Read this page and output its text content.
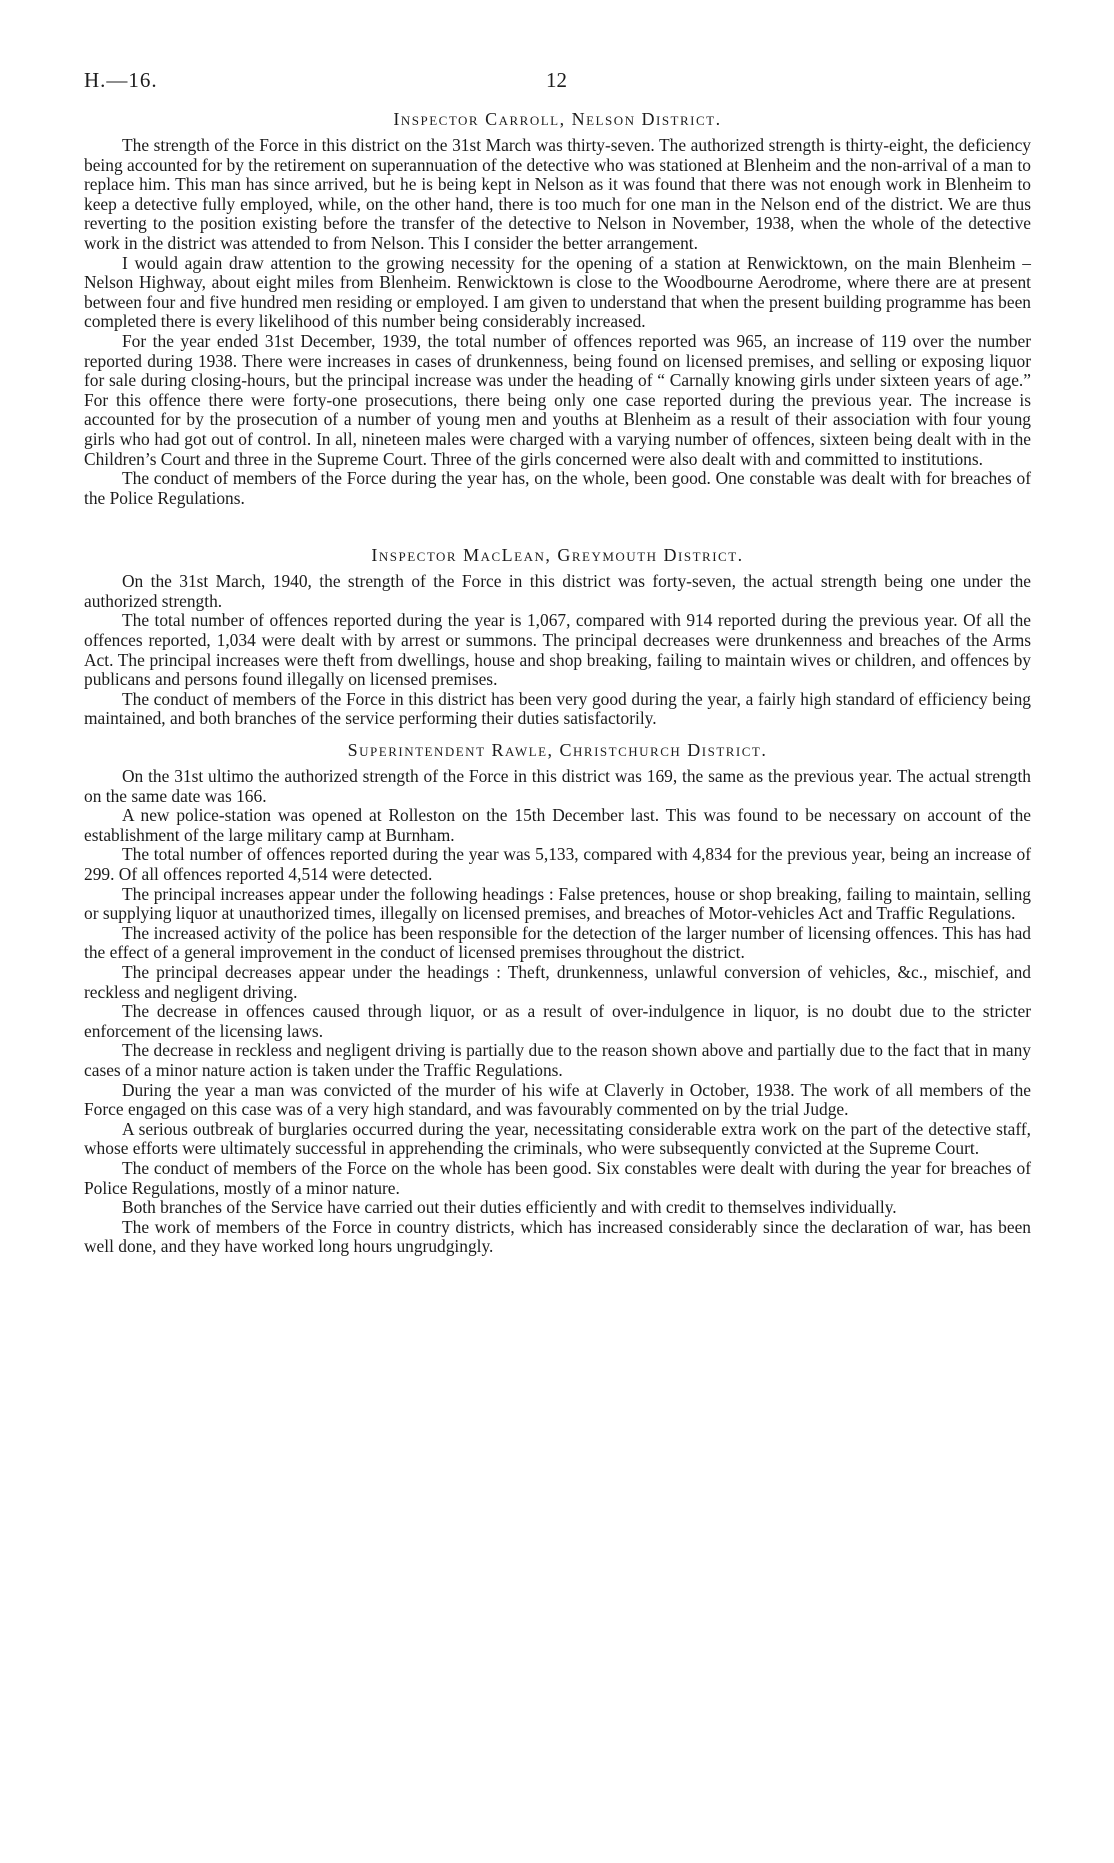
H.—16.	12
Inspector Carroll, Nelson District.

The strength of the Force in this district on the 31st March was thirty-seven. The authorized strength is thirty-eight, the deficiency being accounted for by the retirement on superannuation of the detective who was stationed at Blenheim and the non-arrival of a man to replace him. This man has since arrived, but he is being kept in Nelson as it was found that there was not enough work in Blenheim to keep a detective fully employed, while, on the other hand, there is too much for one man in the Nelson end of the district. We are thus reverting to the position existing before the transfer of the detective to Nelson in November, 1938, when the whole of the detective work in the district was attended to from Nelson. This I consider the better arrangement.

I would again draw attention to the growing necessity for the opening of a station at Renwicktown, on the main Blenheim – Nelson Highway, about eight miles from Blenheim. Renwicktown is close to the Woodbourne Aerodrome, where there are at present between four and five hundred men residing or employed. I am given to understand that when the present building programme has been completed there is every likelihood of this number being considerably increased.

For the year ended 31st December, 1939, the total number of offences reported was 965, an increase of 119 over the number reported during 1938. There were increases in cases of drunkenness, being found on licensed premises, and selling or exposing liquor for sale during closing-hours, but the principal increase was under the heading of “ Carnally knowing girls under sixteen years of age.” For this offence there were forty-one prosecutions, there being only one case reported during the previous year. The increase is accounted for by the prosecution of a number of young men and youths at Blenheim as a result of their association with four young girls who had got out of control. In all, nineteen males were charged with a varying number of offences, sixteen being dealt with in the Children’s Court and three in the Supreme Court. Three of the girls concerned were also dealt with and committed to institutions.

The conduct of members of the Force during the year has, on the whole, been good. One constable was dealt with for breaches of the Police Regulations.

Inspector MacLean, Greymouth District.

On the 31st March, 1940, the strength of the Force in this district was forty-seven, the actual strength being one under the authorized strength.

The total number of offences reported during the year is 1,067, compared with 914 reported during the previous year. Of all the offences reported, 1,034 were dealt with by arrest or summons. The principal decreases were drunkenness and breaches of the Arms Act. The principal increases were theft from dwellings, house and shop breaking, failing to maintain wives or children, and offences by publicans and persons found illegally on licensed premises.

The conduct of members of the Force in this district has been very good during the year, a fairly high standard of efficiency being maintained, and both branches of the service performing their duties satisfactorily.

Superintendent Rawle, Christchurch District.

On the 31st ultimo the authorized strength of the Force in this district was 169, the same as the previous year. The actual strength on the same date was 166.

A new police-station was opened at Rolleston on the 15th December last. This was found to be necessary on account of the establishment of the large military camp at Burnham.

The total number of offences reported during the year was 5,133, compared with 4,834 for the previous year, being an increase of 299. Of all offences reported 4,514 were detected.

The principal increases appear under the following headings : False pretences, house or shop breaking, failing to maintain, selling or supplying liquor at unauthorized times, illegally on licensed premises, and breaches of Motor-vehicles Act and Traffic Regulations.

The increased activity of the police has been responsible for the detection of the larger number of licensing offences. This has had the effect of a general improvement in the conduct of licensed premises throughout the district.

The principal decreases appear under the headings : Theft, drunkenness, unlawful conversion of vehicles, &c., mischief, and reckless and negligent driving.

The decrease in offences caused through liquor, or as a result of over-indulgence in liquor, is no doubt due to the stricter enforcement of the licensing laws.

The decrease in reckless and negligent driving is partially due to the reason shown above and partially due to the fact that in many cases of a minor nature action is taken under the Traffic Regulations.

During the year a man was convicted of the murder of his wife at Claverly in October, 1938. The work of all members of the Force engaged on this case was of a very high standard, and was favourably commented on by the trial Judge.

A serious outbreak of burglaries occurred during the year, necessitating considerable extra work on the part of the detective staff, whose efforts were ultimately successful in apprehending the criminals, who were subsequently convicted at the Supreme Court.

The conduct of members of the Force on the whole has been good. Six constables were dealt with during the year for breaches of Police Regulations, mostly of a minor nature.

Both branches of the Service have carried out their duties efficiently and with credit to themselves individually.

The work of members of the Force in country districts, which has increased considerably since the declaration of war, has been well done, and they have worked long hours ungrudgingly.
